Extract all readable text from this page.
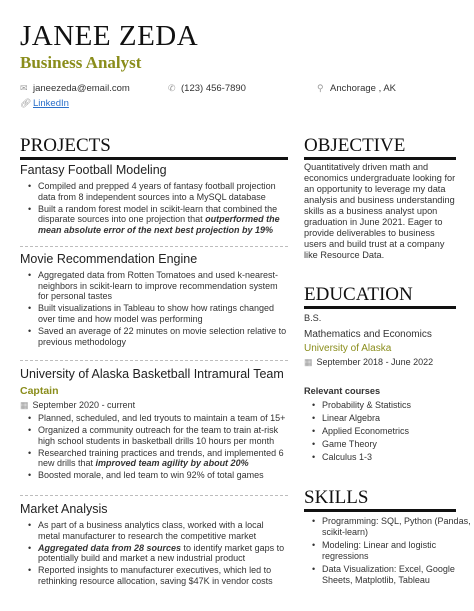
JANEE ZEDA
Business Analyst
✉ janeezeda@email.com	✆ (123) 456-7890	⚲ Anchorage , AK
🔗︎ LinkedIn
PROJECTS
Fantasy Football Modeling
• Compiled and prepped 4 years of fantasy football projection data from 8 independent sources into a MySQL database
• Built a random forest model in scikit-learn that combined the disparate sources into one projection that outperformed the mean absolute error of the next best projection by 19%
Movie Recommendation Engine
• Aggregated data from Rotten Tomatoes and used k-nearest-neighbors in scikit-learn to improve recommendation system for personal tastes
• Built visualizations in Tableau to show how ratings changed over time and how model was performing
• Saved an average of 22 minutes on movie selection relative to previous methodology
University of Alaska Basketball Intramural Team
Captain
▦ September 2020 - current
• Planned, scheduled, and led tryouts to maintain a team of 15+
• Organized a community outreach for the team to train at-risk high school students in basketball drills 10 hours per month
• Researched training practices and trends, and implemented 6 new drills that improved team agility by about 20%
• Boosted morale, and led team to win 92% of total games
Market Analysis
• As part of a business analytics class, worked with a local metal manufacturer to research the competitive market
• Aggregated data from 28 sources to identify market gaps to potentially build and market a new industrial product
• Reported insights to manufacturer executives, which led to rethinking resource allocation, saving $47K in vendor costs
OBJECTIVE
Quantitatively driven math and economics undergraduate looking for an opportunity to leverage my data analysis and business understanding skills as a business analyst upon graduation in June 2021. Eager to provide deliverables to business users and build trust at a company like Resource Data.
EDUCATION
B.S.
Mathematics and Economics
University of Alaska
▦ September 2018 - June 2022
Relevant courses
• Probability & Statistics
• Linear Algebra
• Applied Econometrics
• Game Theory
• Calculus 1-3
SKILLS
• Programming: SQL, Python (Pandas, scikit-learn)
• Modeling: Linear and logistic regressions
• Data Visualization: Excel, Google Sheets, Matplotlib, Tableau
